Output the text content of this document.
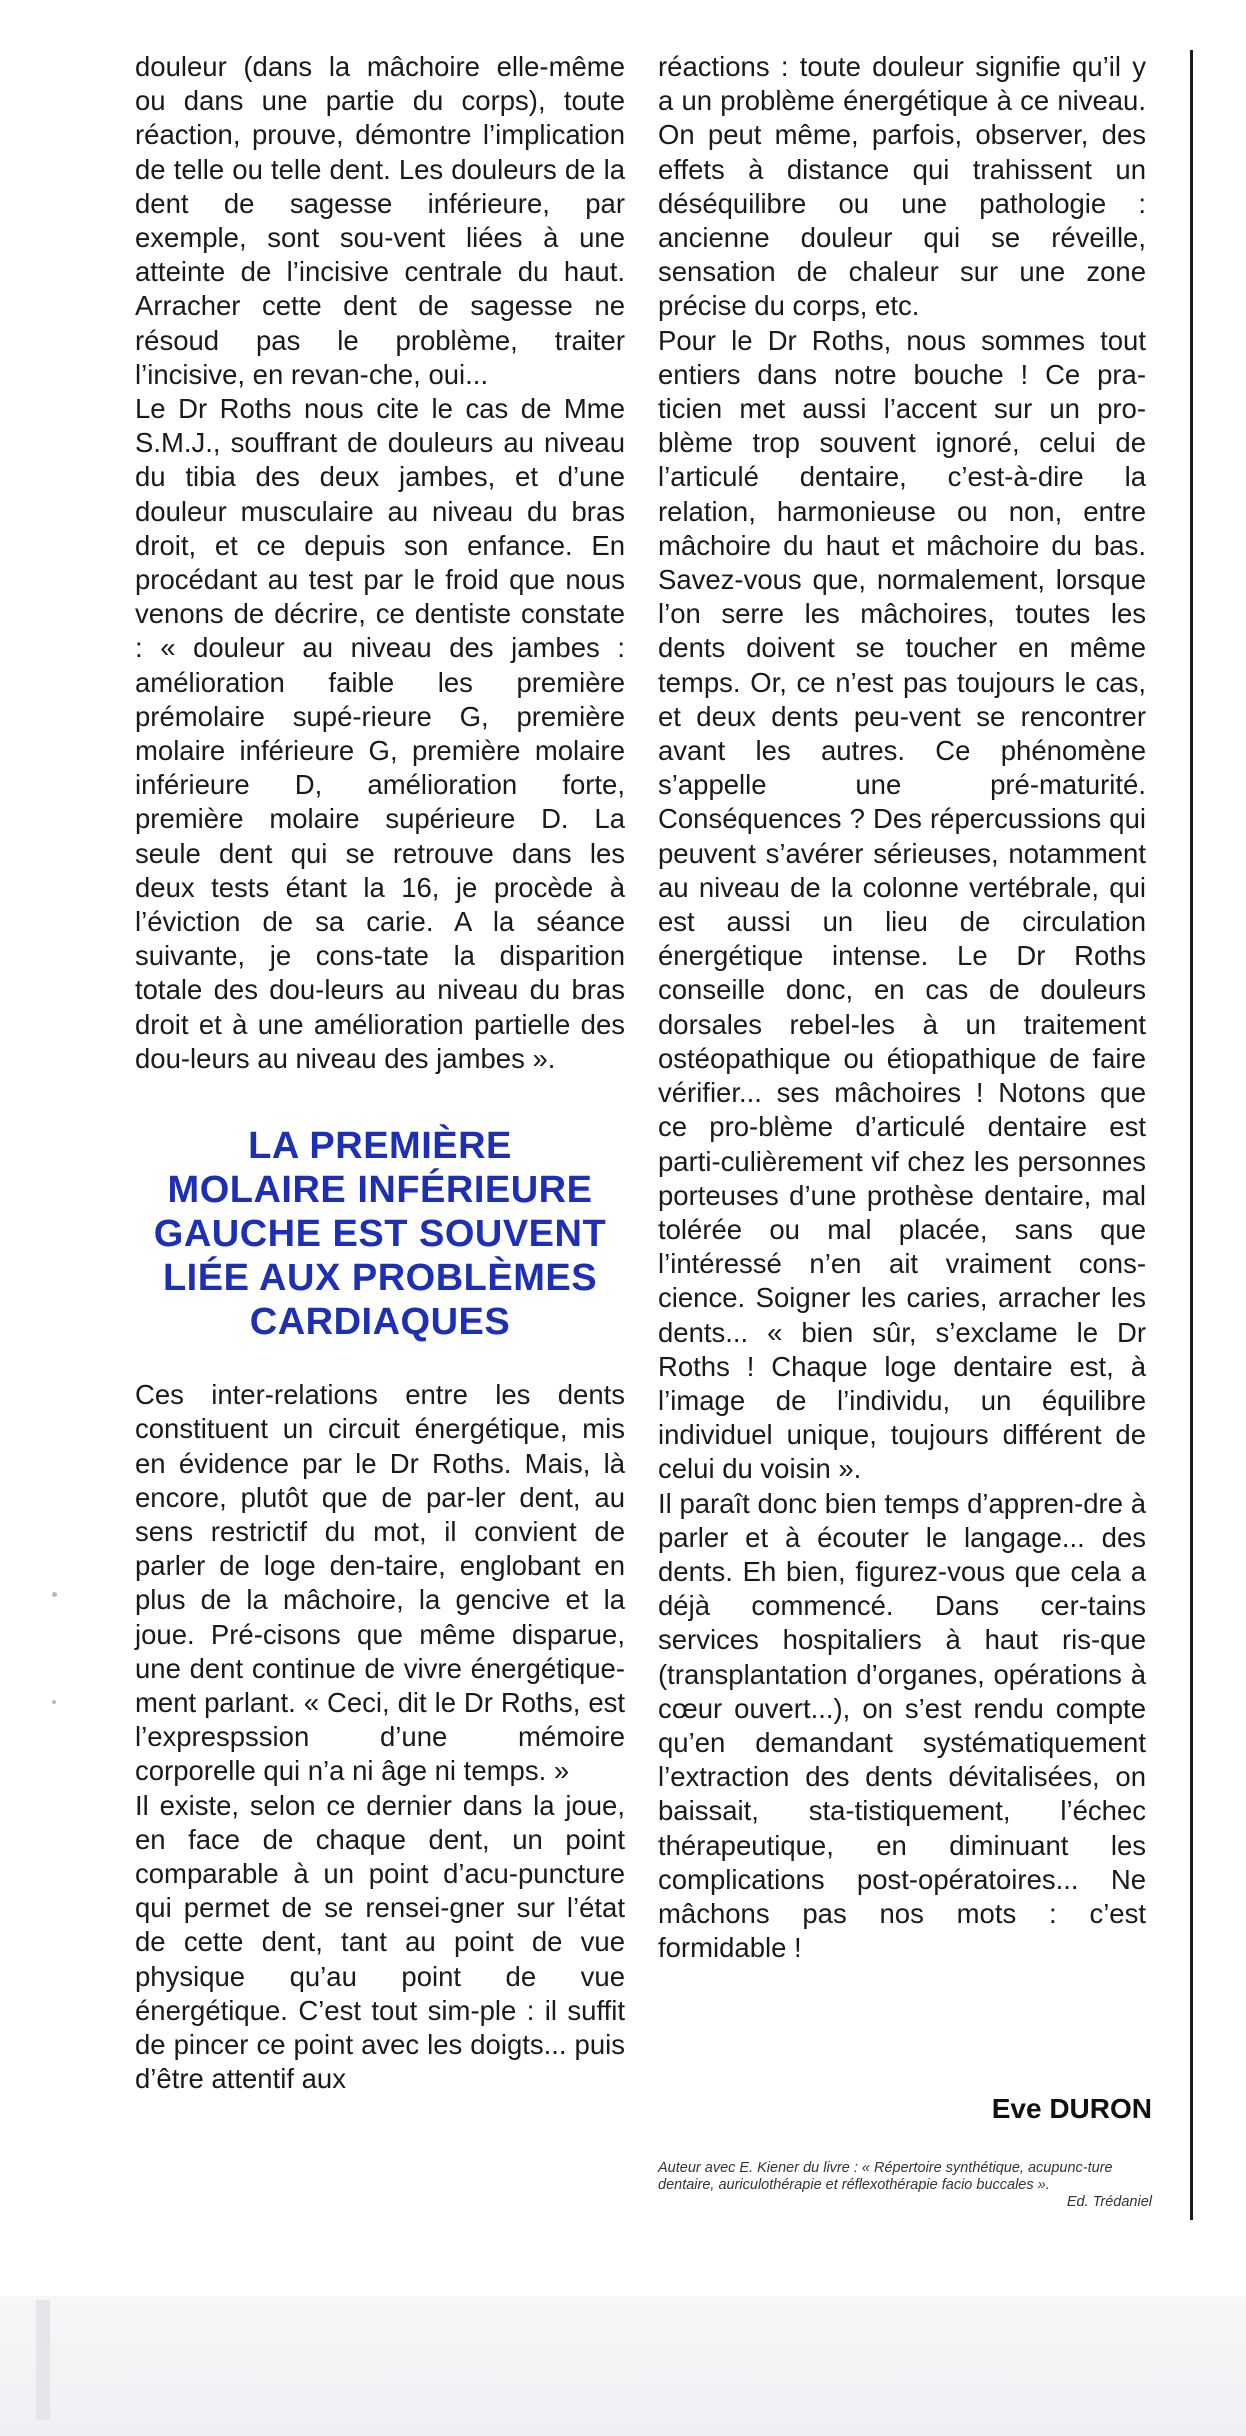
douleur (dans la mâchoire elle-même ou dans une partie du corps), toute réaction, prouve, démontre l’implication de telle ou telle dent. Les douleurs de la dent de sagesse inférieure, par exemple, sont sou-vent liées à une atteinte de l’incisive centrale du haut. Arracher cette dent de sagesse ne résoud pas le problème, traiter l’incisive, en revan-che, oui...

Le Dr Roths nous cite le cas de Mme S.M.J., souffrant de douleurs au niveau du tibia des deux jambes, et d’une douleur musculaire au niveau du bras droit, et ce depuis son enfance. En procédant au test par le froid que nous venons de décrire, ce dentiste constate : « douleur au niveau des jambes : amélioration faible les première prémolaire supé-rieure G, première molaire inférieure G, première molaire inférieure D, amélioration forte, première molaire supérieure D. La seule dent qui se retrouve dans les deux tests étant la 16, je procède à l’éviction de sa carie. A la séance suivante, je cons-tate la disparition totale des dou-leurs au niveau du bras droit et à une amélioration partielle des dou-leurs au niveau des jambes ».

LA PREMIÈRE
MOLAIRE INFÉRIEURE
GAUCHE EST SOUVENT
LIÉE AUX PROBLÈMES
CARDIAQUES

Ces inter-relations entre les dents constituent un circuit énergétique, mis en évidence par le Dr Roths. Mais, là encore, plutôt que de par-ler dent, au sens restrictif du mot, il convient de parler de loge den-taire, englobant en plus de la mâchoire, la gencive et la joue. Pré-cisons que même disparue, une dent continue de vivre énergétique-ment parlant. « Ceci, dit le Dr Roths, est l’exprespssion d’une mémoire corporelle qui n’a ni âge ni temps. »

Il existe, selon ce dernier dans la joue, en face de chaque dent, un point comparable à un point d’acu-puncture qui permet de se rensei-gner sur l’état de cette dent, tant au point de vue physique qu’au point de vue énergétique. C’est tout sim-ple : il suffit de pincer ce point avec les doigts... puis d’être attentif aux

réactions : toute douleur signifie qu’il y a un problème énergétique à ce niveau. On peut même, parfois, observer, des effets à distance qui trahissent un déséquilibre ou une pathologie : ancienne douleur qui se réveille, sensation de chaleur sur une zone précise du corps, etc.

Pour le Dr Roths, nous sommes tout entiers dans notre bouche ! Ce pra-ticien met aussi l’accent sur un pro-blème trop souvent ignoré, celui de l’articulé dentaire, c’est-à-dire la relation, harmonieuse ou non, entre mâchoire du haut et mâchoire du bas. Savez-vous que, normalement, lorsque l’on serre les mâchoires, toutes les dents doivent se toucher en même temps. Or, ce n’est pas toujours le cas, et deux dents peu-vent se rencontrer avant les autres. Ce phénomène s’appelle une pré-maturité. Conséquences ? Des répercussions qui peuvent s’avérer sérieuses, notamment au niveau de la colonne vertébrale, qui est aussi un lieu de circulation énergétique intense. Le Dr Roths conseille donc, en cas de douleurs dorsales rebel-les à un traitement ostéopathique ou étiopathique de faire vérifier... ses mâchoires ! Notons que ce pro-blème d’articulé dentaire est parti-culièrement vif chez les personnes porteuses d’une prothèse dentaire, mal tolérée ou mal placée, sans que l’intéressé n’en ait vraiment cons-cience. Soigner les caries, arracher les dents... « bien sûr, s’exclame le Dr Roths ! Chaque loge dentaire est, à l’image de l’individu, un équilibre individuel unique, toujours différent de celui du voisin ».

Il paraît donc bien temps d’appren-dre à parler et à écouter le langage... des dents. Eh bien, figurez-vous que cela a déjà commencé. Dans cer-tains services hospitaliers à haut ris-que (transplantation d’organes, opérations à cœur ouvert...), on s’est rendu compte qu’en demandant systématiquement l’extraction des dents dévitalisées, on baissait, sta-tistiquement, l’échec thérapeutique, en diminuant les complications post-opératoires... Ne mâchons pas nos mots : c’est formidable !

Eve DURON
Auteur avec E. Kiener du livre : « Répertoire synthétique, acupunc-ture dentaire, auriculothérapie et réflexothérapie facio buccales ».
Ed. Trédaniel
